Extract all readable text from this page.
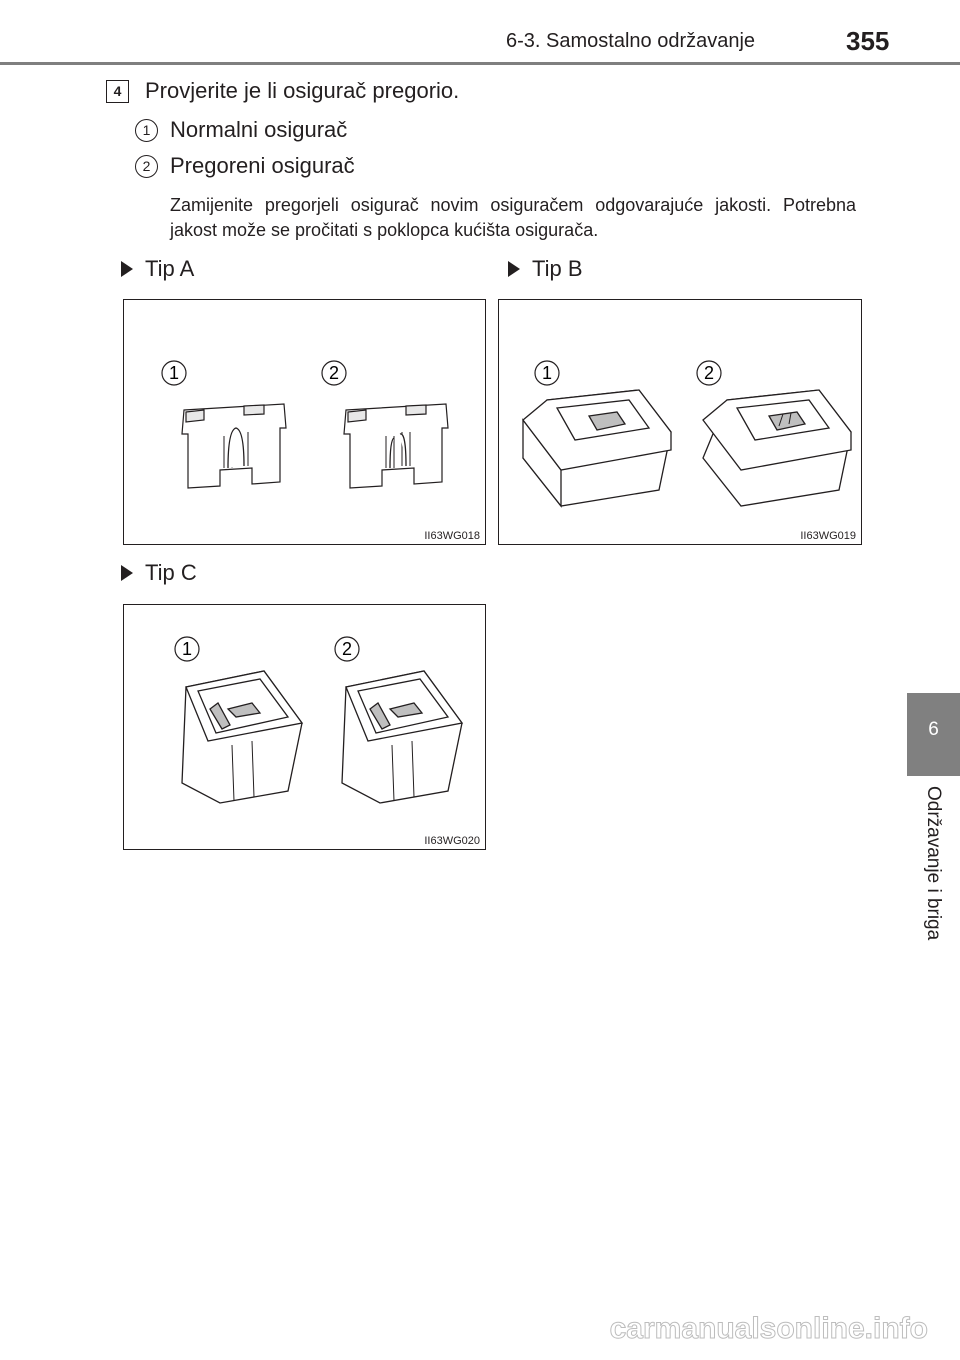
6-3. Samostalno održavanje	355
6
Održavanje i briga
4	Provjerite je li osigurač pregorio.
1 Normalni osigurač
2 Pregoreni osigurač
Zamijenite pregorjeli osigurač novim osiguračem odgovarajuće jakosti. Potrebna jakost može se pročitati s poklopca kućišta osigurača.
Tip A	Tip B
Tip C
1	2
II63WG018
1	2
II63WG019
1	2
II63WG020
carmanualsonline.info
